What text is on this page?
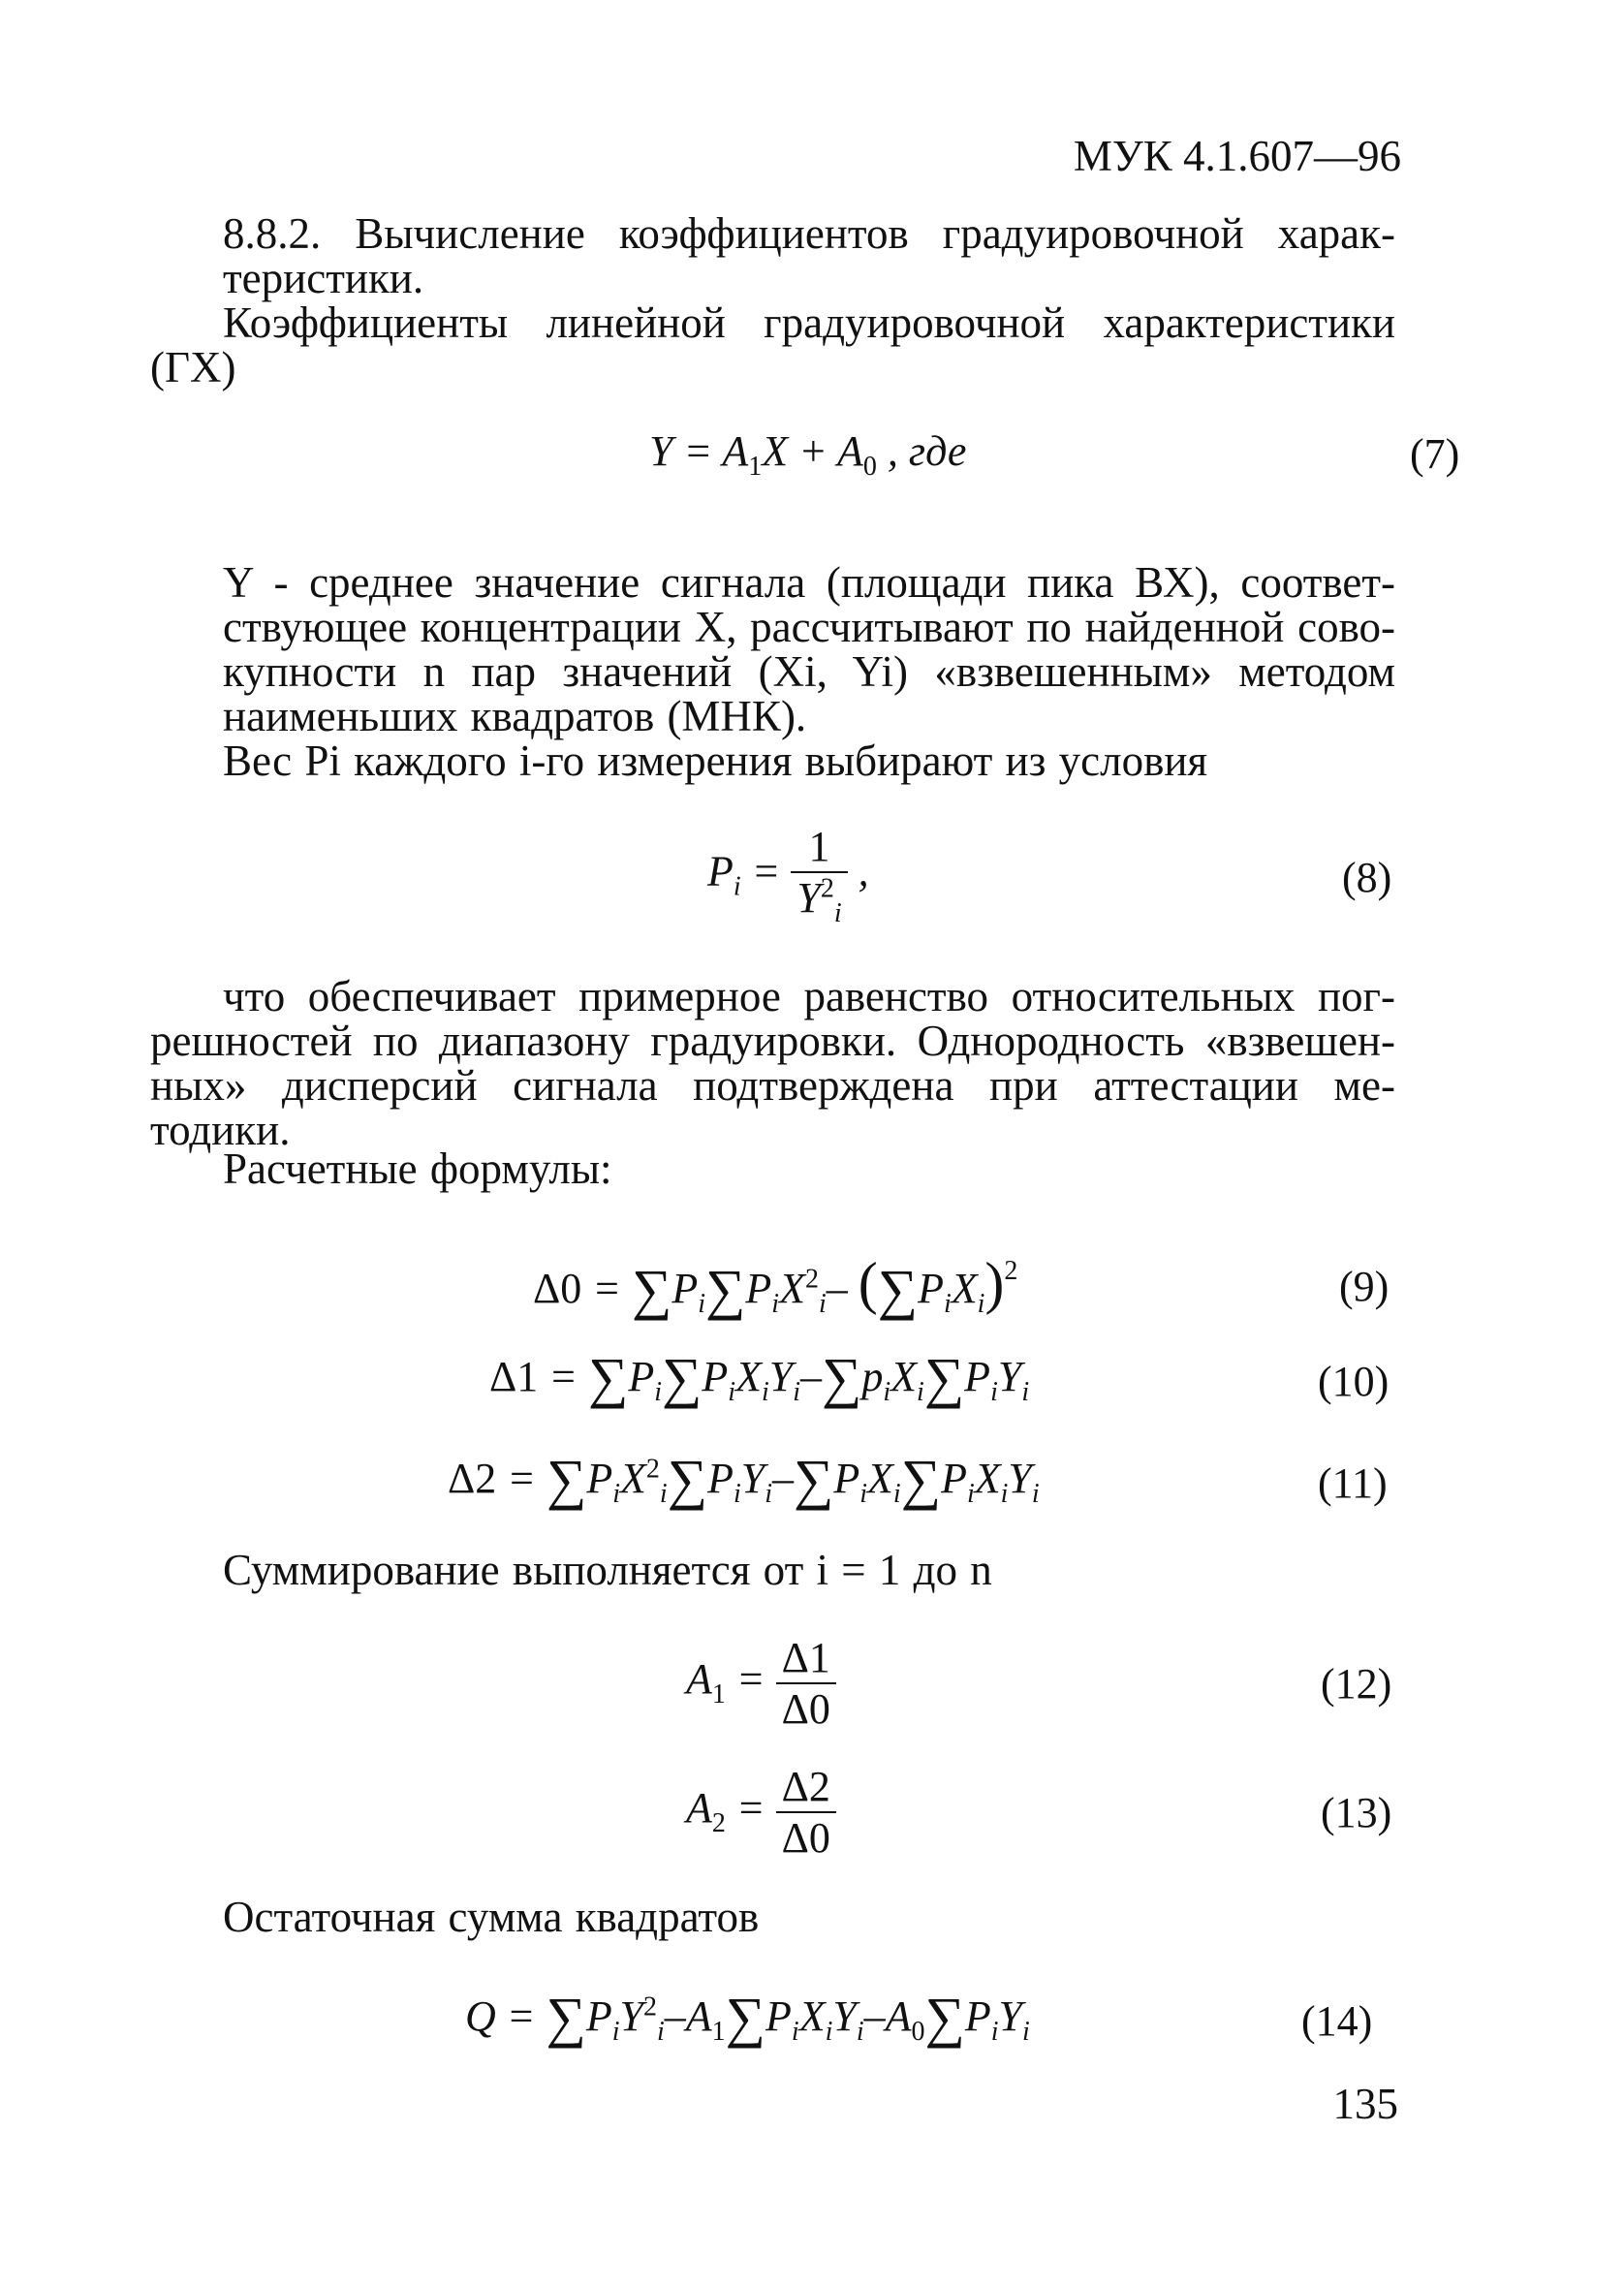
МУК 4.1.607—96
8.8.2. Вычисление коэффициентов градуировочной харак-
теристики.
Коэффициенты линейной градуировочной характеристики
(ГХ)
$Y = A_1X + A_0$ , где	(7)
Y - среднее значение сигнала (площади пика ВХ), соответ-
ствующее концентрации X, рассчитывают по найденной сово-
купности n пар значений (Xi, Yi) «взвешенным» методом
наименьших квадратов (МНК).
Вес Pi каждого i-го измерения выбирают из условия
$P_i = \frac{1}{Y^2_i}$ ,	(8)
что обеспечивает примерное равенство относительных пог-
решностей по диапазону градуировки. Однородность «взвешен-
ных» дисперсий сигнала подтверждена при аттестации ме-
тодики.
Расчетные формулы:
$\Delta 0 = \sum P_i\sum P_iX^2_i-$ $(\sum P_iX_i)^2$	(9)
$\Delta 1 = \sum P_i\sum P_iX_iY_i-\sum p_iX_i\sum P_iY_i$	(10)
$\Delta 2 = \sum P_iX^2_i\sum P_iY_i-\sum P_iX_i\sum P_iX_iY_i$	(11)
Суммирование выполняется от i = 1 до n
$A_1 = \frac{\Delta 1}{\Delta 0}$	(12)
$A_2 = \frac{\Delta 2}{\Delta 0}$	(13)
Остаточная сумма квадратов
$Q = \sum P_iY^2_i-A_1\sum P_iX_iY_i-A_0\sum P_iY_i$	(14)
135
